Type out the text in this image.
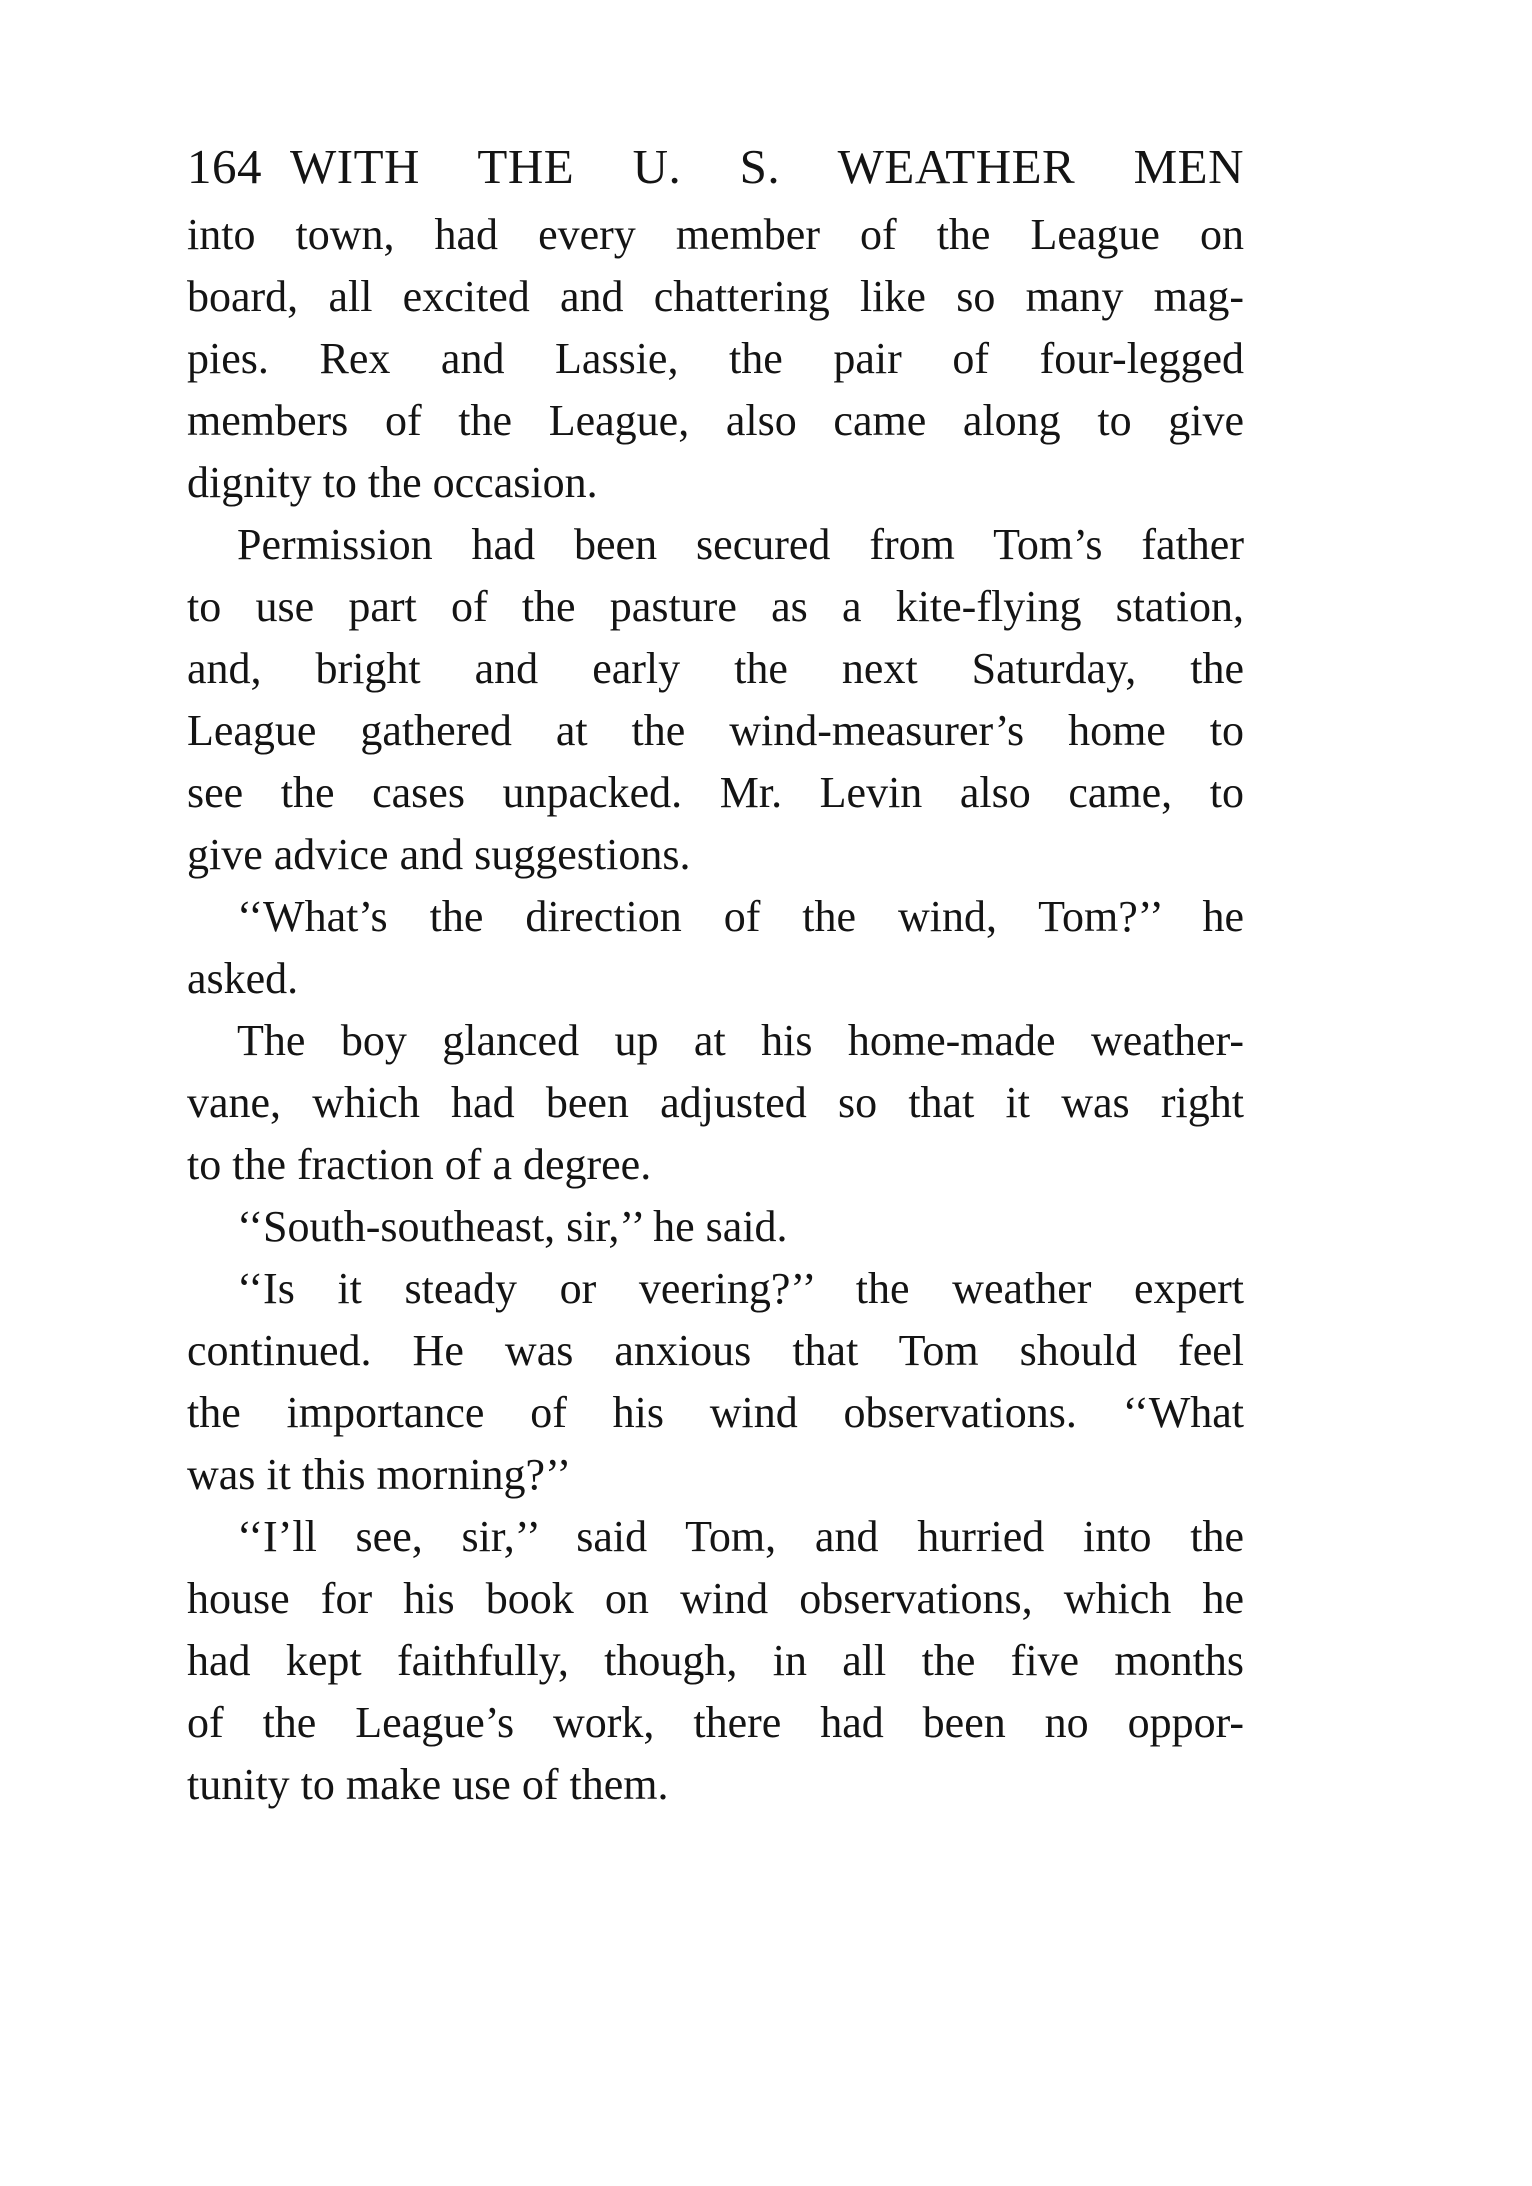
164 WITH THE U. S. WEATHER MEN

into town, had every member of the League on
board, all excited and chattering like so many mag-
pies. Rex and Lassie, the pair of four-legged
members of the League, also came along to give
dignity to the occasion.

Permission had been secured from Tom’s father
to use part of the pasture as a kite-flying station,
and, bright and early the next Saturday, the
League gathered at the wind-measurer’s home to
see the cases unpacked. Mr. Levin also came, to
give advice and suggestions.

‘‘What’s the direction of the wind, Tom?’’ he
asked.

The boy glanced up at his home-made weather-
vane, which had been adjusted so that it was right
to the fraction of a degree.

‘‘South-southeast, sir,’’ he said.

‘‘Is it steady or veering?’’ the weather expert
continued. He was anxious that Tom should feel
the importance of his wind observations. ‘‘What
was it this morning?’’

‘‘I’ll see, sir,’’ said Tom, and hurried into the
house for his book on wind observations, which he
had kept faithfully, though, in all the five months
of the League’s work, there had been no oppor-
tunity to make use of them.
